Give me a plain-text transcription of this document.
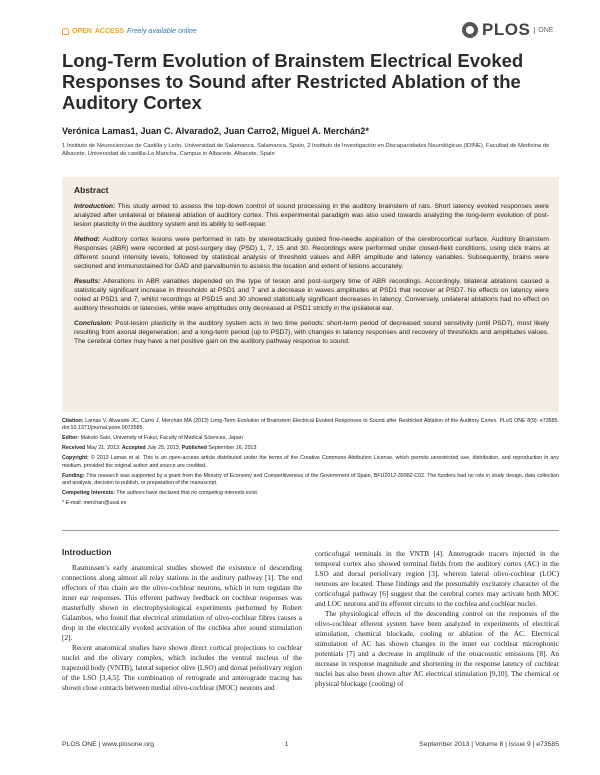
OPEN ACCESS Freely available online	PLOS	ONE
Long-Term Evolution of Brainstem Electrical Evoked Responses to Sound after Restricted Ablation of the Auditory Cortex
Verónica Lamas1, Juan C. Alvarado2, Juan Carro2, Miguel A. Merchán2*
1 Instituto de Neurociencias de Castilla y León, Universidad de Salamanca, Salamanca, Spain, 2 Instituto de Investigación en Discapacidades Neurológicas (IDINE), Facultad de Medicina de Albacete, Universidad de castilla-La Mancha, Campus in Albacete, Albacete, Spain
Abstract

Introduction: This study aimed to assess the top-down control of sound processing in the auditory brainstem of rats. Short latency evoked responses were analyzed after unilateral or bilateral ablation of auditory cortex. This experimental paradigm was also used towards analyzing the long-term evolution of post-lesion plasticity in the auditory system and its ability to self-repair.

Method: Auditory cortex lesions were performed in rats by stereotactically guided fine-needle aspiration of the cerebrocortical surface. Auditory Brainstem Responses (ABR) were recorded at post-surgery day (PSD) 1, 7, 15 and 30. Recordings were performed under closed-field conditions, using click trains at different sound intensity levels, followed by statistical analysis of threshold values and ABR amplitude and latency variables. Subsequently, brains were sectioned and immunostained for GAD and parvalbumin to assess the location and extent of lesions accurately.

Results: Alterations in ABR variables depended on the type of lesion and post-surgery time of ABR recordings. Accordingly, bilateral ablations caused a statistically significant increase in thresholds at PSD1 and 7 and a decrease in waves amplitudes at PSD1 that recover at PSD7. No effects on latency were noted at PSD1 and 7, whilst recordings at PSD15 and 30 showed statistically significant decreases in latency. Conversely, unilateral ablations had no effect on auditory thresholds or latencies, while wave amplitudes only decreased at PSD1 strictly in the ipsilateral ear.

Conclusion: Post-lesion plasticity in the auditory system acts in two time periods: short-term period of decreased sound sensitivity (until PSD7), most likely resulting from axonal degeneration; and a long-term period (up to PSD7), with changes in latency responses and recovery of thresholds and amplitudes values. The cerebral cortex may have a net positive gain on the auditory pathway response to sound.

Citation: Lamas V, Alvarado JC, Carro J, Merchán MA (2013) Long-Term Evolution of Brainstem Electrical Evoked Responses to Sound after Restricted Ablation of the Auditory Cortex. PLoS ONE 8(9): e73585. doi:10.1371/journal.pone.0073585

Editor: Makoto Sato, University of Fukui, Faculty of Medical Sciences, Japan

Received May 21, 2013; Accepted July 25, 2013; Published September 16, 2013

Copyright: © 2013 Lamas et al. This is an open-access article distributed under the terms of the Creative Commons Attribution License, which permits unrestricted use, distribution, and reproduction in any medium, provided the original author and source are credited.

Funding: This research was supported by a grant from the Ministry of Economy and Competitiveness of the Government of Spain, BFU2012-39982-C02. The funders had no role in study design, data collection and analysis, decision to publish, or preparation of the manuscript.

Competing Interests: The authors have declared that no competing interests exist.

* E-mail: merchan@usal.es

Introduction

Rasmussen’s early anatomical studies showed the existence of descending connections along almost all relay stations in the auditory pathway [1]. The end effectors of this chain are the olivo-cochlear neurons, which in turn regulate the inner ear responses. This efferent pathway feedback on cochlear responses was masterfully shown in electrophysiological experiments performed by Robert Galambos, who found that electrical stimulation of olivo-cochlear fibres causes a drop in the electrically evoked activation of the cochlea after sound stimulation [2].

Recent anatomical studies have shown direct cortical projections to cochlear nuclei and the olivary complex, which includes the ventral nucleus of the trapezoid body (VNTB), lateral superior olive (LSO) and dorsal periolivary region of the LSO [3,4,5]. The combination of retrograde and anterograde tracing has shown close contacts between medial olivo-cochlear (MOC) neurons and

corticofugal terminals in the VNTB [4]. Anterograde tracers injected in the temporal cortex also showed terminal fields from the auditory cortex (AC) in the LSO and dorsal periolivary region [3], wherein lateral olivo-cochlear (LOC) neurons are located. These findings and the presumably excitatory character of the corticofugal pathway [6] suggest that the cerebral cortex may activate both MOC and LOC neurons and its efferent circuits to the cochlea and cochlear nuclei.

The physiological effects of the descending control on the responses of the olivo-cochlear efferent system have been analyzed in experiments of electrical stimulation, chemical blockade, cooling or ablation of the AC. Electrical stimulation of AC has shown changes in the inner ear cochlear microphonic potentials [7] and a decrease in amplitude of the otoacoustic emissions [8]. An increase in response magnitude and shortening in the response latency of cochlear nuclei has also been shown after AC electrical stimulation [9,10]. The chemical or physical blockage (cooling) of

PLOS ONE | www.plosone.org	1	September 2013 | Volume 8 | Issue 9 | e73585
